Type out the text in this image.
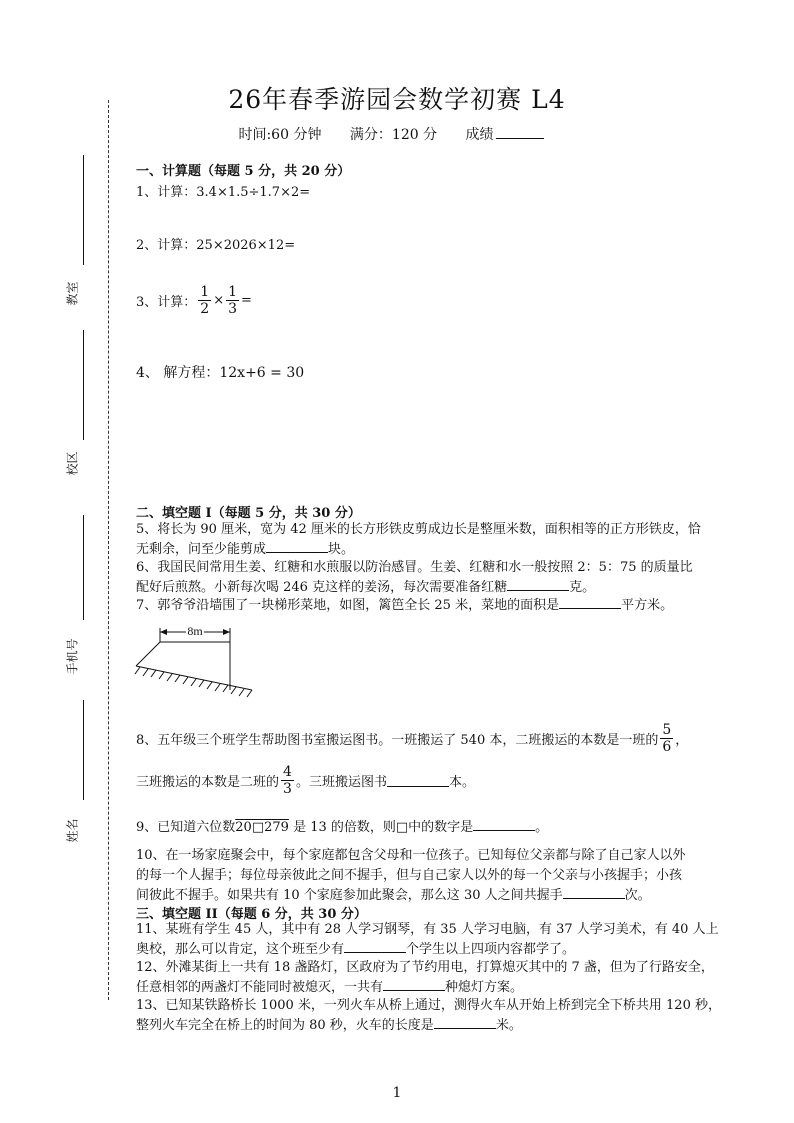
教室
校区
手机号
姓名
26年春季游园会数学初赛 L4
时间:60 分钟 满分：120 分 成绩
一、计算题（每题 5 分，共 20 分）
1、计算：3.4×1.5÷1.7×2=
2、计算：25×2026×12=
3、计算： $\frac{1}{2} \times \frac{1}{3}$ =
4、 解方程：12x+6 = 30
二、填空题 I（每题 5 分，共 30 分）
5、将长为 90 厘米，宽为 42 厘米的长方形铁皮剪成边长是整厘米数，面积相等的正方形铁皮，恰
无剩余，问至少能剪成	块。
6、我国民间常用生姜、红糖和水煎服以防治感冒。生姜、红糖和水一般按照 2：5：75 的质量比
配好后煎熬。小新每次喝 246 克这样的姜汤，每次需要准备红糖	克。
7、郭爷爷沿墙围了一块梯形菜地，如图，篱笆全长 25 米，菜地的面积是	平方米。
8m
8、五年级三个班学生帮助图书室搬运图书。一班搬运了 540 本，二班搬运的本数是一班的 $\frac{5}{6}$ ，
三班搬运的本数是二班的 $\frac{4}{3}$ 。三班搬运图书	本。
9、已知道六位数20□279 是 13 的倍数，则□中的数字是	。
10、在一场家庭聚会中，每个家庭都包含父母和一位孩子。已知每位父亲都与除了自己家人以外
的每一个人握手；每位母亲彼此之间不握手，但与自己家人以外的每一个父亲与小孩握手；小孩
间彼此不握手。如果共有 10 个家庭参加此聚会，那么这 30 人之间共握手	次。
三、填空题 II（每题 6 分，共 30 分）
11、某班有学生 45 人，其中有 28 人学习钢琴，有 35 人学习电脑，有 37 人学习美术，有 40 人上
奥校，那么可以肯定，这个班至少有	个学生以上四项内容都学了。
12、外滩某街上一共有 18 盏路灯，区政府为了节约用电，打算熄灭其中的 7 盏，但为了行路安全，
任意相邻的两盏灯不能同时被熄灭，一共有	种熄灯方案。
13、已知某铁路桥长 1000 米，一列火车从桥上通过，测得火车从开始上桥到完全下桥共用 120 秒，
整列火车完全在桥上的时间为 80 秒，火车的长度是	米。
1
